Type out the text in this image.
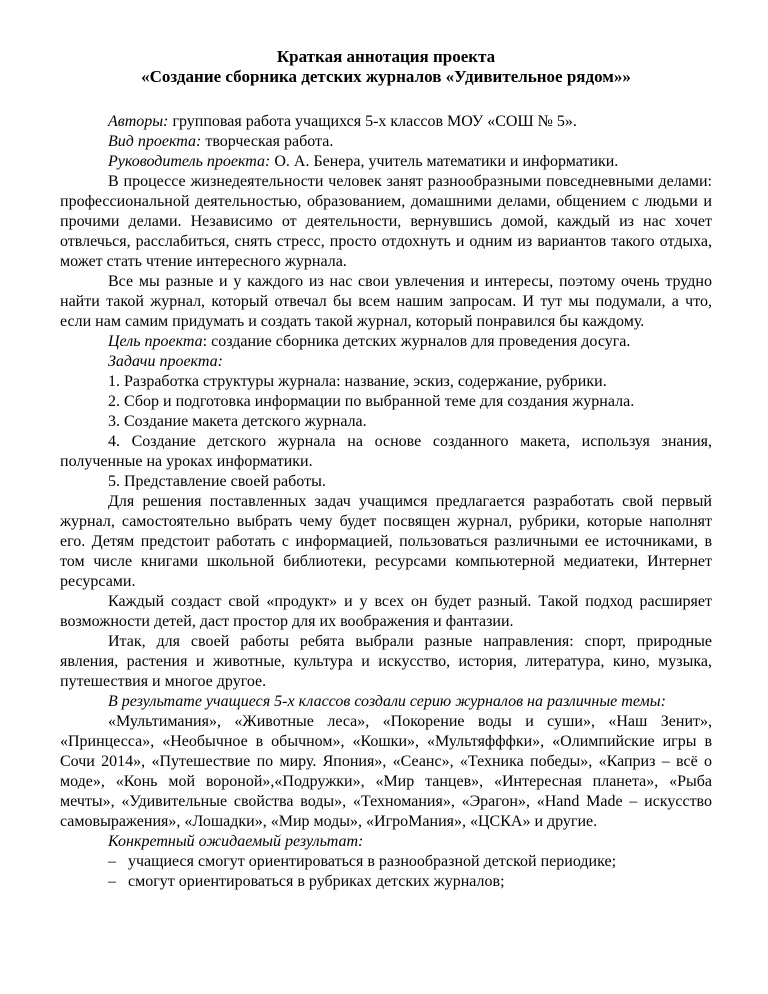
Краткая аннотация проекта

«Создание сборника детских журналов «Удивительное рядом»»

Авторы: групповая работа учащихся 5-х классов МОУ «СОШ № 5».

Вид проекта: творческая работа.

Руководитель проекта: О. А. Бенера, учитель математики и информатики.

В процессе жизнедеятельности человек занят разнообразными повседневными делами: профессиональной деятельностью, образованием, домашними делами, общением с людьми и прочими делами. Независимо от деятельности, вернувшись домой, каждый из нас хочет отвлечься, расслабиться, снять стресс, просто отдохнуть и одним из вариантов такого отдыха, может стать чтение интересного журнала.

Все мы разные и у каждого из нас свои увлечения и интересы, поэтому очень трудно найти такой журнал, который отвечал бы всем нашим запросам. И тут мы подумали, а что, если нам самим придумать и создать такой журнал, который понравился бы каждому.

Цель проекта: создание сборника детских журналов для проведения досуга.

Задачи проекта:

1. Разработка структуры журнала: название, эскиз, содержание, рубрики.

2. Сбор и подготовка информации по выбранной теме для создания журнала.

3. Создание макета детского журнала.

4. Создание детского журнала на основе созданного макета, используя знания, полученные на уроках информатики.

5. Представление своей работы.

Для решения поставленных задач учащимся предлагается разработать свой первый журнал, самостоятельно выбрать чему будет посвящен журнал, рубрики, которые наполнят его. Детям предстоит работать с информацией, пользоваться различными ее источниками, в том числе книгами школьной библиотеки, ресурсами компьютерной медиатеки, Интернет ресурсами.

Каждый создаст свой «продукт» и у всех он будет разный. Такой подход расширяет возможности детей, даст простор для их воображения и фантазии.

Итак, для своей работы ребята выбрали разные направления: спорт, природные явления, растения и животные, культура и искусство, история, литература, кино, музыка, путешествия и многое другое.

В результате учащиеся 5-х классов создали серию журналов на различные темы:

«Мультимания», «Животные леса», «Покорение воды и суши», «Наш Зенит», «Принцесса», «Необычное в обычном», «Кошки», «Мультяфффки», «Олимпийские игры в Сочи 2014», «Путешествие по миру. Япония», «Сеанс», «Техника победы», «Каприз – всё о моде», «Конь мой вороной»,«Подружки», «Мир танцев», «Интересная планета», «Рыба мечты», «Удивительные свойства воды», «Техномания», «Эрагон», «Hand Made – искусство самовыражения», «Лошадки», «Мир моды», «ИгроМания», «ЦСКА» и другие.

Конкретный ожидаемый результат:

– учащиеся смогут ориентироваться в разнообразной детской периодике;

– смогут ориентироваться в рубриках детских журналов;
